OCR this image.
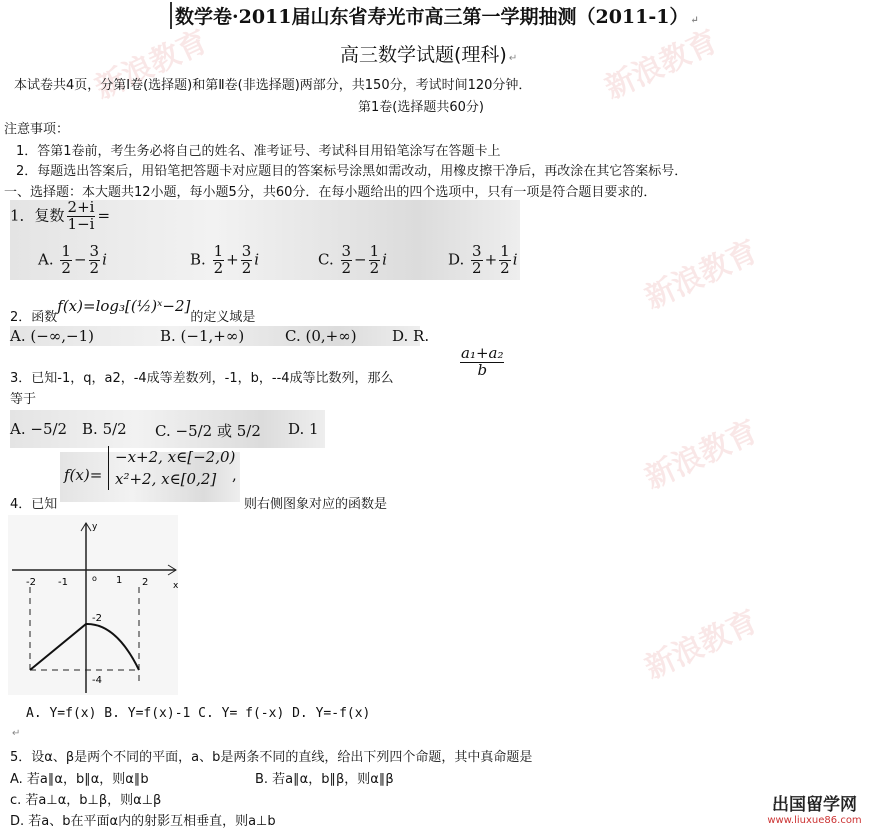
新浪教育	新浪教育
新浪教育
新浪教育
新浪教育
数学卷·2011届山东省寿光市高三第一学期抽测（2011-1） ↵
高三数学试题(理科) ↵
本试卷共4页，分第Ⅰ卷(选择题)和第Ⅱ卷(非选择题)两部分，共150分，考试时间120分钟．
第1卷(选择题共60分)
注意事项：
1．答第1卷前，考生务必将自己的姓名、准考证号、考试科目用铅笔涂写在答题卡上
2．每题选出答案后，用铅笔把答题卡对应题目的答案标号涂黑如需改动，用橡皮擦干净后，再改涂在其它答案标号．
一、选择题：本大题共12小题，每小题5分，共60分．在每小题给出的四个选项中，只有一项是符合题目要求的．
1．复数 $\frac{2+i}{1-i}$ =
A. $\frac{1}{2} - \frac{3}{2}$ i	B. $\frac{1}{2} + \frac{3}{2}$ i	C. $\frac{3}{2} - \frac{1}{2}$ i	D. $\frac{3}{2} + \frac{1}{2}$ i
2．函数f(x)=log₃[(½)ˣ−2]的定义域是
A. (−∞,−1)	B. (−1,+∞)	C. (0,+∞) D. R.
3．已知-1，q，a2，-4成等差数列，-1，b，--4成等比数列，那么	$\frac{\text{a₁+a₂}}{b}$
等于
A. −5/2 B. 5/2 C. −5/2 或 5/2 D. 1
f(x)=
−x+2, x∈[−2,0)
x²+2, x∈[0,2]	,
4．已知	则右侧图象对应的函数是
-2 -1	o 1 2	x
y
-2
-4
A. Y=f(x) B. Y=f(x)-1 C. Y= f(-x) D. Y=-f(x)
↵
5．设α、β是两个不同的平面，a、b是两条不同的直线，给出下列四个命题，其中真命题是
A. 若a∥α，b∥α，则α∥b	B. 若a∥α，b∥β，则α∥β
c. 若a⊥α，b⊥β，则α⊥β
D. 若a、b在平面α内的射影互相垂直，则a⊥b
出国留学网
www.liuxue86.com
